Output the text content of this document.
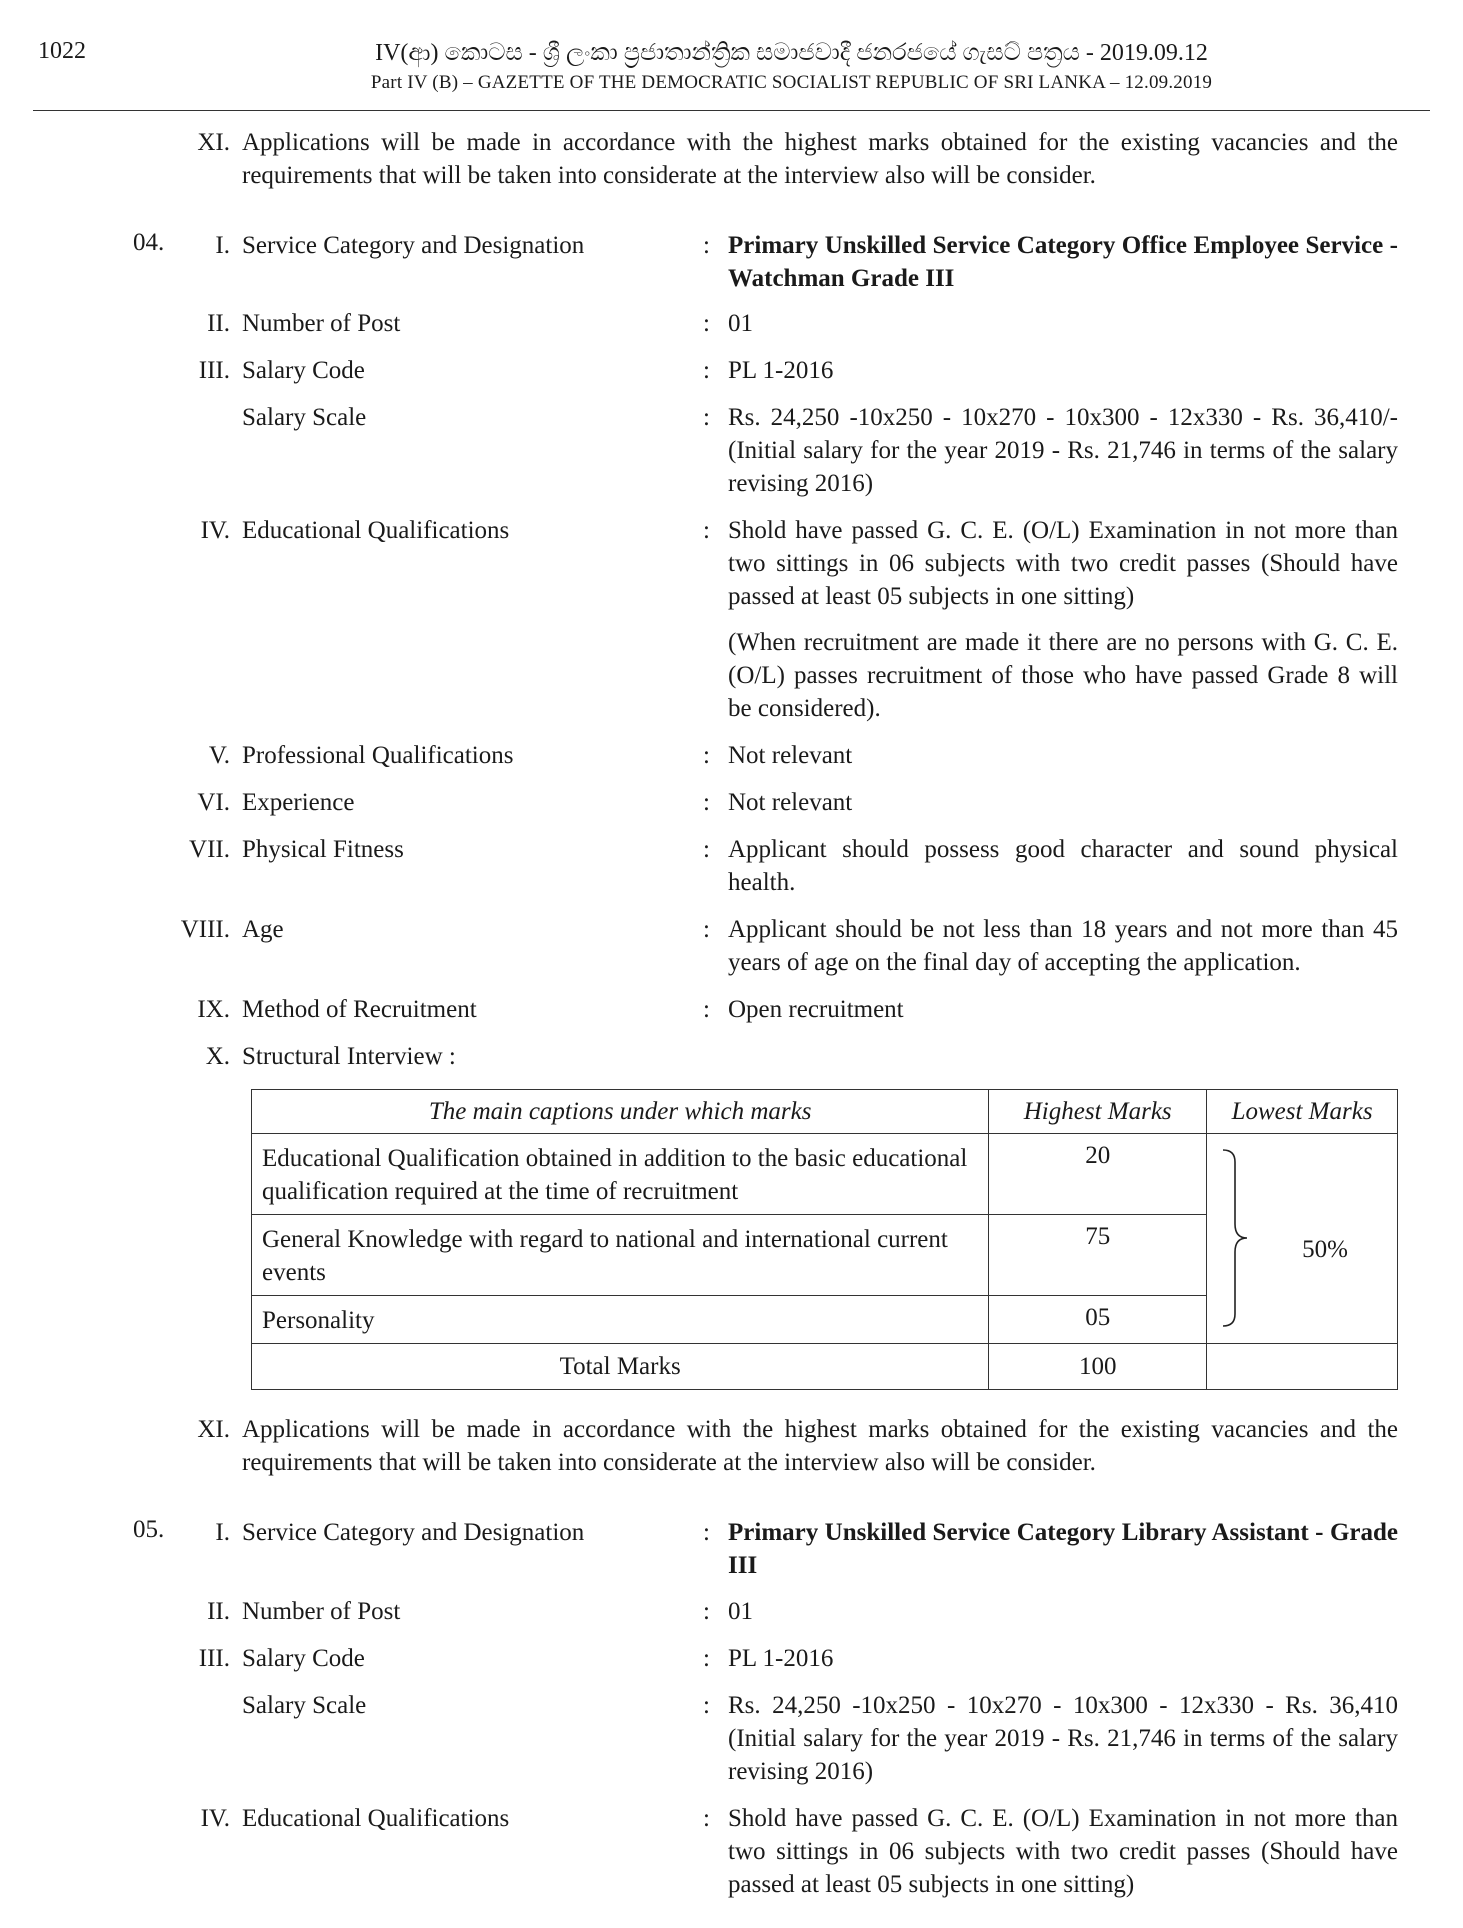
1022	IV(ආ) කොටස - ශ්‍රී ලංකා ප්‍රජාතාන්ත්‍රික සමාජවාදී ජනරජයේ ගැසට් පත්‍රය - 2019.09.12
Part IV (B) – GAZETTE OF THE DEMOCRATIC SOCIALIST REPUBLIC OF SRI LANKA – 12.09.2019
XI. Applications will be made in accordance with the highest marks obtained for the existing vacancies and the requirements that will be taken into considerate at the interview also will be consider.
04.	I. Service Category and Designation	: Primary Unskilled Service Category Office Employee Service - Watchman Grade III
II. Number of Post	: 01
III. Salary Code	: PL 1-2016
Salary Scale	: Rs. 24,250 -10x250 - 10x270 - 10x300 - 12x330 - Rs. 36,410/- (Initial salary for the year 2019 - Rs. 21,746 in terms of the salary revising 2016)
IV. Educational Qualifications	: Shold have passed G. C. E. (O/L) Examination in not more than two sittings in 06 subjects with two credit passes (Should have passed at least 05 subjects in one sitting)
(When recruitment are made it there are no persons with G. C. E. (O/L) passes recruitment of those who have passed Grade 8 will be considered).
V. Professional Qualifications	: Not relevant
VI. Experience	: Not relevant
VII. Physical Fitness	: Applicant should possess good character and sound physical health.
VIII. Age	: Applicant should be not less than 18 years and not more than 45 years of age on the final day of accepting the application.
IX. Method of Recruitment	: Open recruitment
X. Structural Interview :
The main captions under which marks	Highest Marks	Lowest Marks
Educational Qualification obtained in addition to the basic educational qualification required at the time of recruitment	20	50%

General Knowledge with regard to national and international current events	75	
Personality	05	
Total Marks	100	
XI. Applications will be made in accordance with the highest marks obtained for the existing vacancies and the requirements that will be taken into considerate at the interview also will be consider.
05.	I. Service Category and Designation	: Primary Unskilled Service Category Library Assistant - Grade III
II. Number of Post	: 01
III. Salary Code	: PL 1-2016
Salary Scale	: Rs. 24,250 -10x250 - 10x270 - 10x300 - 12x330 - Rs. 36,410 (Initial salary for the year 2019 - Rs. 21,746 in terms of the salary revising 2016)
IV. Educational Qualifications	: Shold have passed G. C. E. (O/L) Examination in not more than two sittings in 06 subjects with two credit passes (Should have passed at least 05 subjects in one sitting)
